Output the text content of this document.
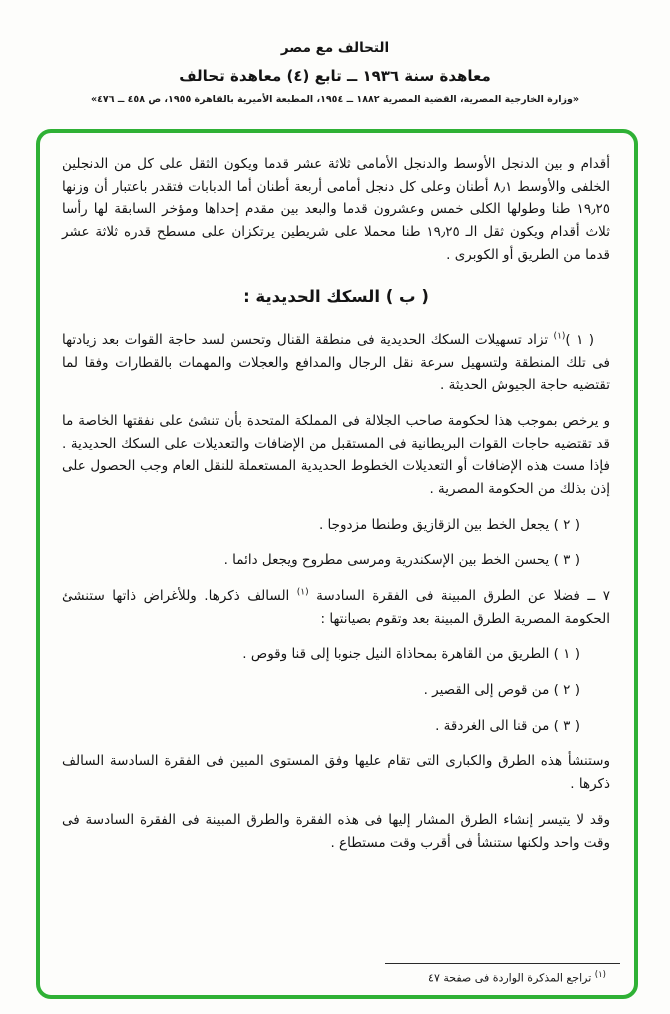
التحالف مع مصر
معاهدة سنة ١٩٣٦ ــ تابع (٤) معاهدة تحالف
«وزارة الخارجية المصرية، القضية المصرية ١٨٨٢ ــ ١٩٥٤، المطبعة الأميرية بالقاهرة ١٩٥٥، ص ٤٥٨ ــ ٤٧٦»

أقدام و بين الدنجل الأوسط والدنجل الأمامى ثلاثة عشر قدما ويكون الثقل على كل من الدنجلين الخلفى والأوسط ٨٫١ أطنان وعلى كل دنجل أمامى أربعة أطنان أما الدبابات فتقدر باعتبار أن وزنها ١٩٫٢٥ طنا وطولها الكلى خمس وعشرون قدما والبعد بين مقدم إحداها ومؤخر السابقة لها رأسا ثلاث أقدام ويكون ثقل الـ ١٩٫٢٥ طنا محملا على شريطين يرتكزان على مسطح قدره ثلاثة عشر قدما من الطريق أو الكوبرى .

( ب ) السكك الحديدية :

( ١ )$^{(١)}$ تزاد تسهيلات السكك الحديدية فى منطقة القنال وتحسن لسد حاجة القوات بعد زيادتها فى تلك المنطقة ولتسهيل سرعة نقل الرجال والمدافع والعجلات والمهمات بالقطارات وفقا لما تقتضيه حاجة الجيوش الحديثة .

و يرخص بموجب هذا لحكومة صاحب الجلالة فى المملكة المتحدة بأن تنشئ على نفقتها الخاصة ما قد تقتضيه حاجات القوات البريطانية فى المستقبل من الإضافات والتعديلات على السكك الحديدية . فإذا مست هذه الإضافات أو التعديلات الخطوط الحديدية المستعملة للنقل العام وجب الحصول على إذن بذلك من الحكومة المصرية .

( ٢ ) يجعل الخط بين الزقازيق وطنطا مزدوجا .

( ٣ ) يحسن الخط بين الإسكندرية ومرسى مطروح ويجعل دائما .

٧ ــ فضلا عن الطرق المبينة فى الفقرة السادسة $^{(١)}$ السالف ذكرها. وللأغراض ذاتها ستنشئ الحكومة المصرية الطرق المبينة بعد وتقوم بصيانتها :

( ١ ) الطريق من القاهرة بمحاذاة النيل جنوبا إلى قنا وقوص .

( ٢ ) من قوص إلى القصير .

( ٣ ) من قنا الى الغردقة .

وستنشأ هذه الطرق والكبارى التى تقام عليها وفق المستوى المبين فى الفقرة السادسة السالف ذكرها .

وقد لا يتيسر إنشاء الطرق المشار إليها فى هذه الفقرة والطرق المبينة فى الفقرة السادسة فى وقت واحد ولكنها ستنشأ فى أقرب وقت مستطاع .

$^{(١)}$ تراجع المذكرة الواردة فى صفحة ٤٧
